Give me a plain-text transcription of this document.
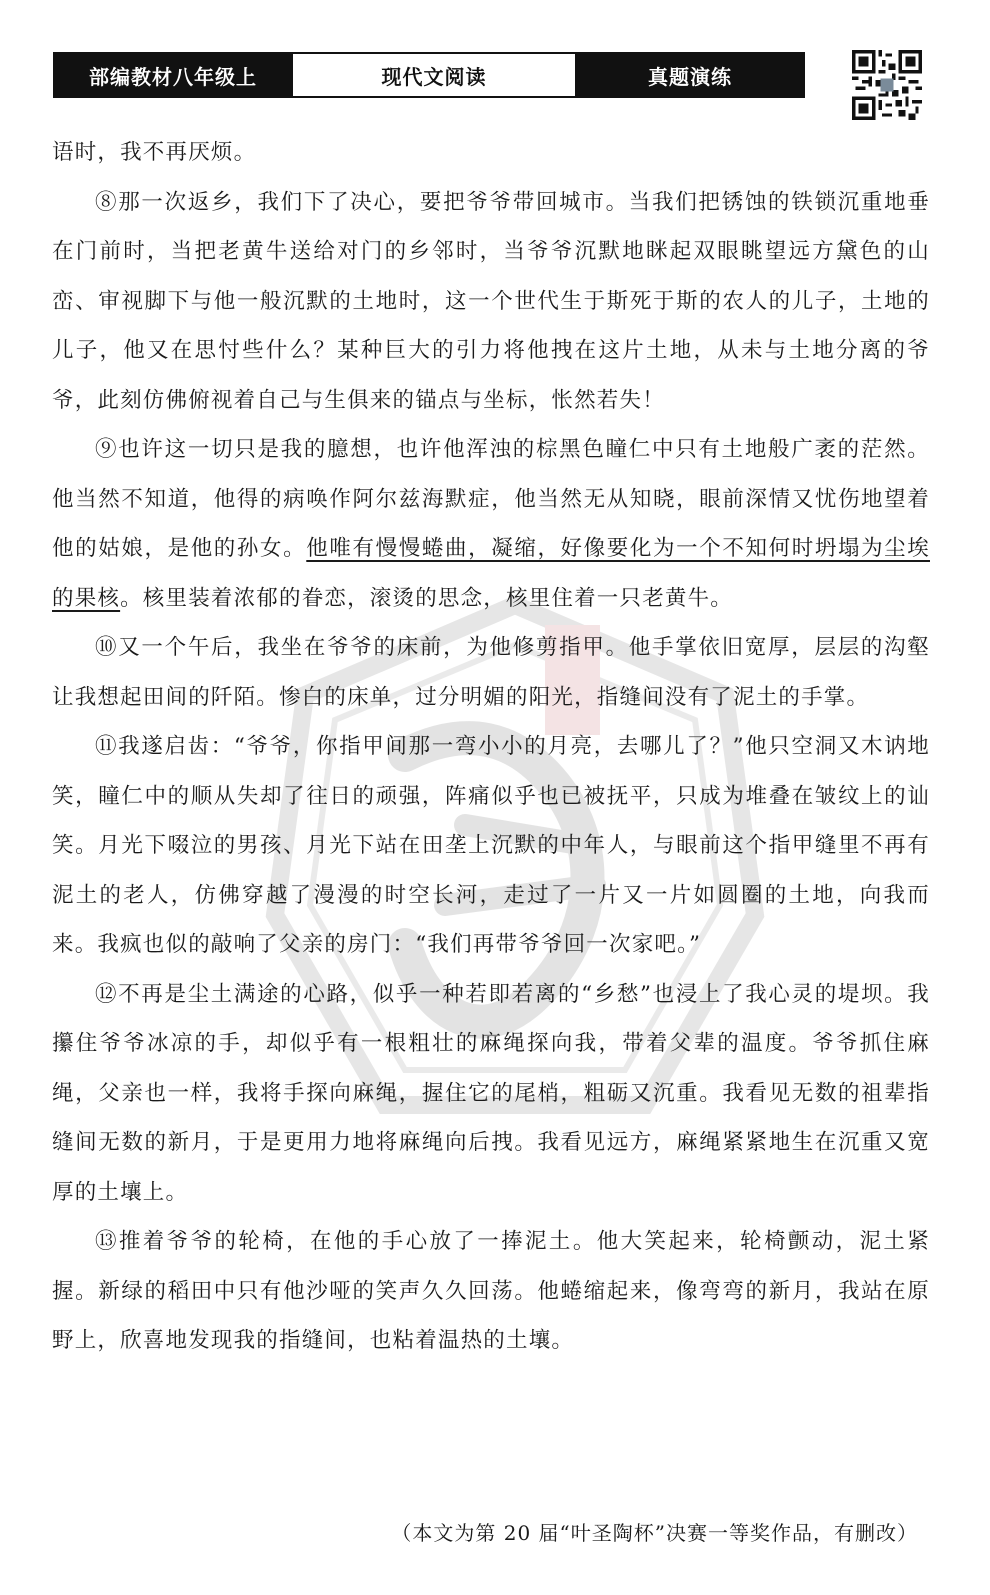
部编教材八年级上	现代文阅读	真题演练

语时，我不再厌烦。

⑧那一次返乡，我们下了决心，要把爷爷带回城市。当我们把锈蚀的铁锁沉重地垂在门前时，当把老黄牛送给对门的乡邻时，当爷爷沉默地眯起双眼眺望远方黛色的山峦、审视脚下与他一般沉默的土地时，这一个世代生于斯死于斯的农人的儿子，土地的儿子，他又在思忖些什么？某种巨大的引力将他拽在这片土地，从未与土地分离的爷爷，此刻仿佛俯视着自己与生俱来的锚点与坐标，怅然若失！

⑨也许这一切只是我的臆想，也许他浑浊的棕黑色瞳仁中只有土地般广袤的茫然。他当然不知道，他得的病唤作阿尔兹海默症，他当然无从知晓，眼前深情又忧伤地望着他的姑娘，是他的孙女。他唯有慢慢蜷曲，凝缩，好像要化为一个不知何时坍塌为尘埃的果核。核里装着浓郁的眷恋，滚烫的思念，核里住着一只老黄牛。

⑩又一个午后，我坐在爷爷的床前，为他修剪指甲。他手掌依旧宽厚，层层的沟壑让我想起田间的阡陌。惨白的床单，过分明媚的阳光，指缝间没有了泥土的手掌。

⑪我遂启齿：“爷爷，你指甲间那一弯小小的月亮，去哪儿了？”他只空洞又木讷地笑，瞳仁中的顺从失却了往日的顽强，阵痛似乎也已被抚平，只成为堆叠在皱纹上的讪笑。月光下啜泣的男孩、月光下站在田垄上沉默的中年人，与眼前这个指甲缝里不再有泥土的老人，仿佛穿越了漫漫的时空长河，走过了一片又一片如圆圈的土地，向我而来。我疯也似的敲响了父亲的房门：“我们再带爷爷回一次家吧。”

⑫不再是尘土满途的心路，似乎一种若即若离的“乡愁”也浸上了我心灵的堤坝。我攥住爷爷冰凉的手，却似乎有一根粗壮的麻绳探向我，带着父辈的温度。爷爷抓住麻绳，父亲也一样，我将手探向麻绳，握住它的尾梢，粗砺又沉重。我看见无数的祖辈指缝间无数的新月，于是更用力地将麻绳向后拽。我看见远方，麻绳紧紧地生在沉重又宽厚的土壤上。

⑬推着爷爷的轮椅，在他的手心放了一捧泥土。他大笑起来，轮椅颤动，泥土紧握。新绿的稻田中只有他沙哑的笑声久久回荡。他蜷缩起来，像弯弯的新月，我站在原野上，欣喜地发现我的指缝间，也粘着温热的土壤。

（本文为第 20 届“叶圣陶杯”决赛一等奖作品，有删改）
